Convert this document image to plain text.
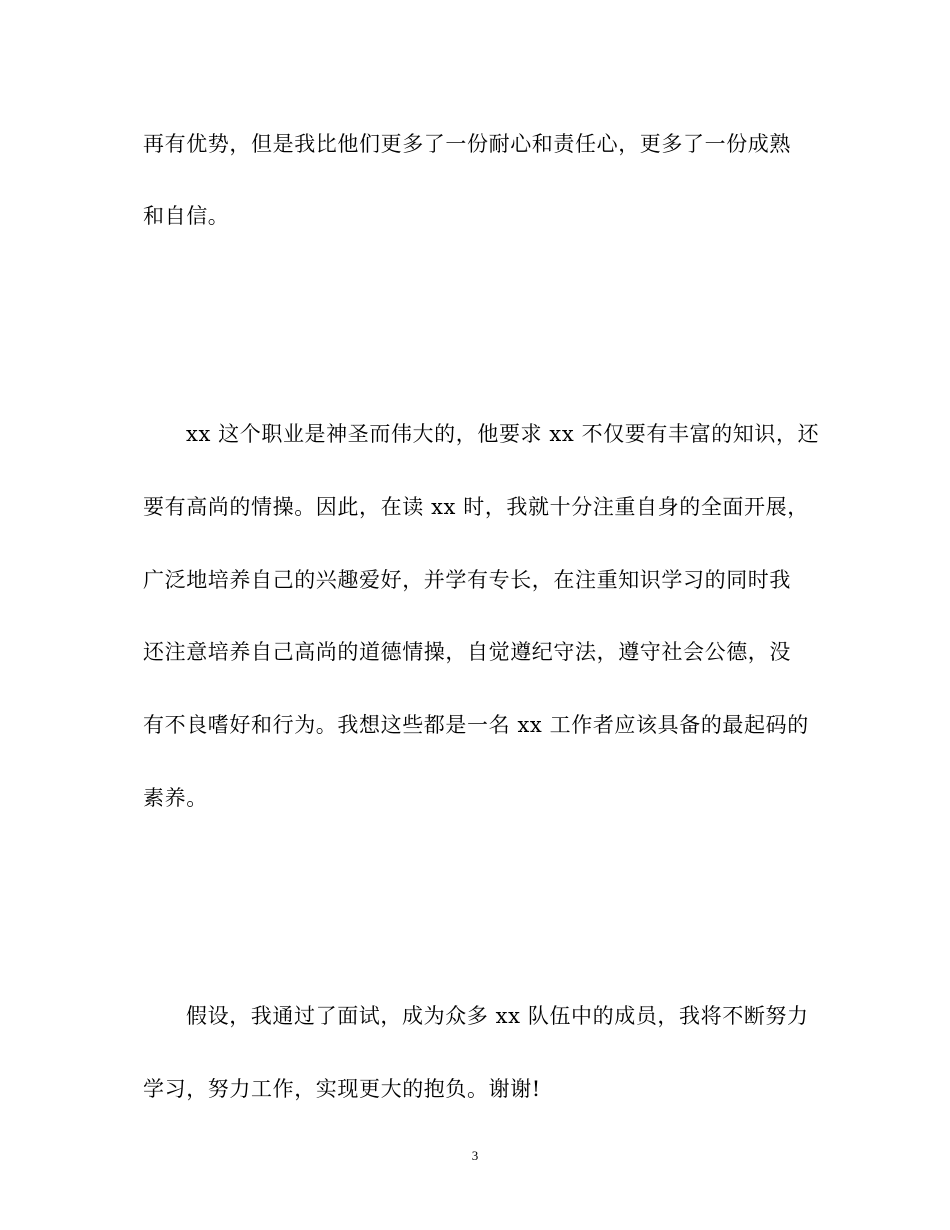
再有优势，但是我比他们更多了一份耐心和责任心，更多了一份成熟
和自信。
xx 这个职业是神圣而伟大的，他要求 xx 不仅要有丰富的知识，还
要有高尚的情操。因此，在读 xx 时，我就十分注重自身的全面开展，
广泛地培养自己的兴趣爱好，并学有专长，在注重知识学习的同时我
还注意培养自己高尚的道德情操，自觉遵纪守法，遵守社会公德，没
有不良嗜好和行为。我想这些都是一名 xx 工作者应该具备的最起码的
素养。
假设，我通过了面试，成为众多 xx 队伍中的成员，我将不断努力
学习，努力工作，实现更大的抱负。谢谢!
3
